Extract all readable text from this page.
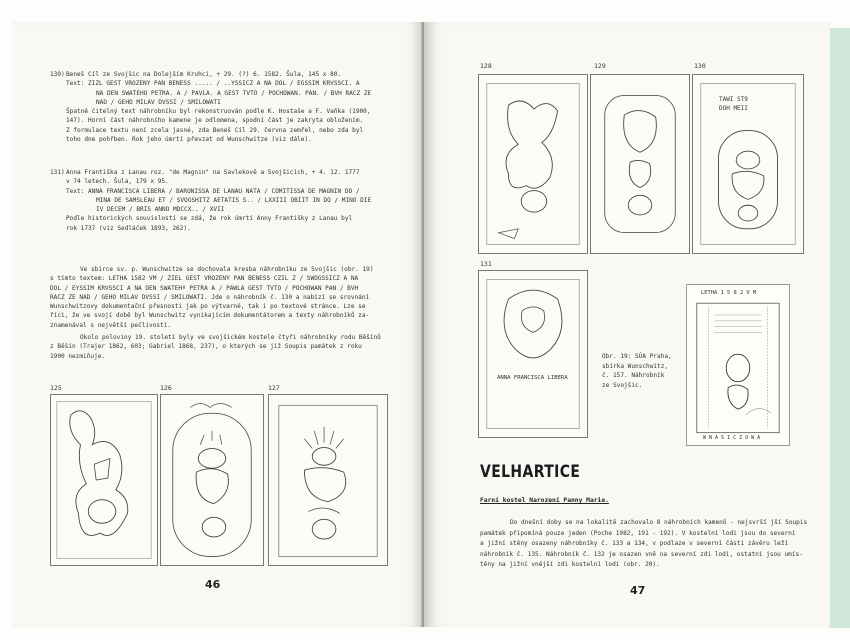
130) Beneš Cíl ze Svojšic na Dolejším Kruhci, + 29. (?) 6. 1582. Šula, 145 x 80.

Text: ZIZL GEST VROZENY PAN BENESS ..... / ..YSSICZ A NA DOL / EGSSIM KRVSSCI. A

NA DEN SWATEHO PETRA. A / PAVLA. A GEST TVTO / POCHOWAN. PAN. / BVH RACZ ZE

NAD / GEHO MILAV DVSSI / SMILOWATI

Špatně čitelný text náhrobníku byl rekonstruován podle K. Hostaše a F. Vaňka (1900,

147). Horní část náhrobního kamene je odlomena, spodní část je zakryta obložením.

Z formulace textu není zcela jasné, zda Beneš Cíl 29. června zemřel, nebo zda byl

toho dne pohřben. Rok jeho úmrtí převzat od Wunschwitze (viz dále).

131) Anna Františka z Lanau roz. "de Magnin" na Savlekově a Svojšicích, + 4. 12. 1777

v 74 letech. Šula, 179 x 95.

Text: ANNA FRANCISCA LIBERA / BARONISSA DE LANAU NATA / COMITISSA DE MAGNIN DO /

MINA DE SAMSLEAU ET / SVOGSHITZ AETATIS S.. / LXXIII OBIIT IN DO / MINO DIE

IV DECEM / BRIS ANNO MDCCX.. / XVII

Podle historických souvislostí se zdá, že rok úmrtí Anny Františky z Lanau byl

rok 1737 (viz Sedláček 1893, 262).

Ve sbírce sv. p. Wunschwitze se dochovala kresba náhrobníku ze Svojšic (obr. 19)

s tímto textem: LETHA 1582 VM / ZIEL GEST VROZENY PAN BENESS CZIL Z / SWOGSSICZ A NA

DOL / EYSSIM KRVSSCI A NA DEN SWATEHº PETRA A / PAWLA GEST TVTO / POCHOWAN PAN / BVH

RACZ ZE NAD / GEHO MILAV DVSSI / SMILOWATI. Jde o náhrobník č. 130 a nabízí se srovnání

Wunschwitzovy dokumentační přesnosti jak po výtvarné, tak i po textové stránce. Lze se

říci, že ve svojí době byl Wunschwitz vynikajícím dokumentátorem a texty náhrobníků za-

znamenával s největší pečlivostí.

Okolo poloviny 19. století byly ve svojšickém kostele čtyři náhrobníky rodu Běšínů

z Běšin (Trajer 1862, 603; Gabriel 1868, 237), o kterých se již Soupis památek z roku

1900 nezmiňuje.

125	126	127
46
128	129	130
TAWI ST9
DOH MEII
131
ANNA FRANCISCA LIBERA
Obr. 19: SÚA Praha,
sbírka Wunschwitz,
č. 157. Náhrobník
ze Svojšic.
LETHA 1 5 8 2 V M
W N A S I C Z O W A
VELHARTICE
Farní kostel Narození Panny Marie.

Do dnešní doby se na lokalitě zachovalo 8 náhrobních kamenů - nejsvrší jší Soupis

památek připomíná pouze jeden (Poche 1982, 191 - 192). V kostelní lodi jsou do severní

a jižní stěny osazeny náhrobníky č. 133 a 134, v podlaze v severní části závěru leží

náhrobník č. 135. Náhrobník č. 132 je osazen vně na severní zdi lodi, ostatní jsou umís-

těny na jižní vnější zdi kostelní lodi (obr. 20).

47
